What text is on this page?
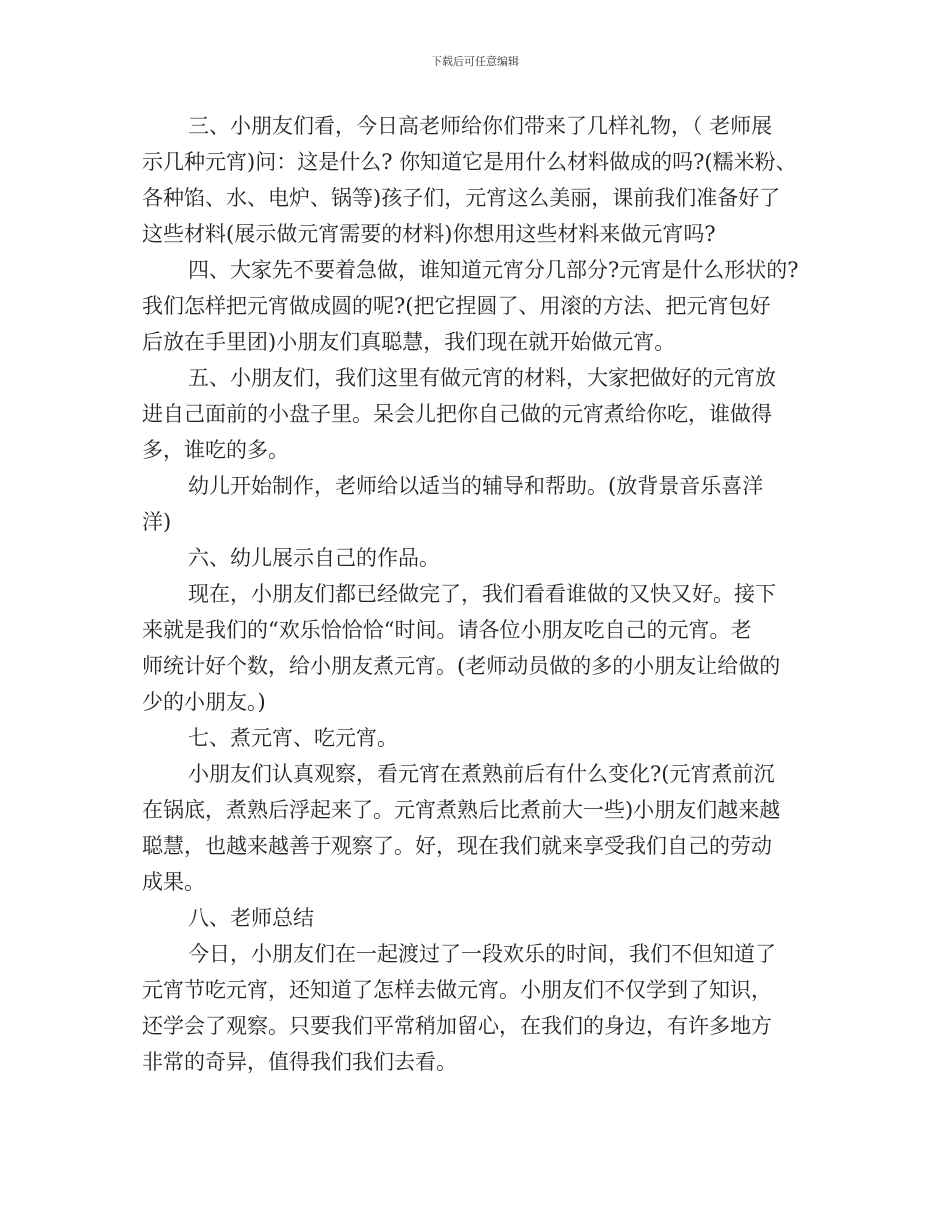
下载后可任意编辑
三、小朋友们看，今日高老师给你们带来了几样礼物，（ 老师展
示几种元宵)问：这是什么? 你知道它是用什么材料做成的吗?(糯米粉、
各种馅、水、电炉、锅等)孩子们，元宵这么美丽，课前我们准备好了
这些材料(展示做元宵需要的材料)你想用这些材料来做元宵吗?
四、大家先不要着急做，谁知道元宵分几部分?元宵是什么形状的?
我们怎样把元宵做成圆的呢?(把它捏圆了、用滚的方法、把元宵包好
后放在手里团)小朋友们真聪慧，我们现在就开始做元宵。
五、小朋友们，我们这里有做元宵的材料，大家把做好的元宵放
进自己面前的小盘子里。呆会儿把你自己做的元宵煮给你吃，谁做得
多，谁吃的多。
幼儿开始制作，老师给以适当的辅导和帮助。(放背景音乐喜洋
洋)
六、幼儿展示自己的作品。
现在，小朋友们都已经做完了，我们看看谁做的又快又好。接下
来就是我们的“欢乐恰恰恰“时间。请各位小朋友吃自己的元宵。老
师统计好个数，给小朋友煮元宵。(老师动员做的多的小朋友让给做的
少的小朋友。)
七、煮元宵、吃元宵。
小朋友们认真观察，看元宵在煮熟前后有什么变化?(元宵煮前沉
在锅底，煮熟后浮起来了。元宵煮熟后比煮前大一些)小朋友们越来越
聪慧，也越来越善于观察了。好，现在我们就来享受我们自己的劳动
成果。
八、老师总结
今日，小朋友们在一起渡过了一段欢乐的时间，我们不但知道了
元宵节吃元宵，还知道了怎样去做元宵。小朋友们不仅学到了知识，
还学会了观察。只要我们平常稍加留心，在我们的身边，有许多地方
非常的奇异，值得我们我们去看。
